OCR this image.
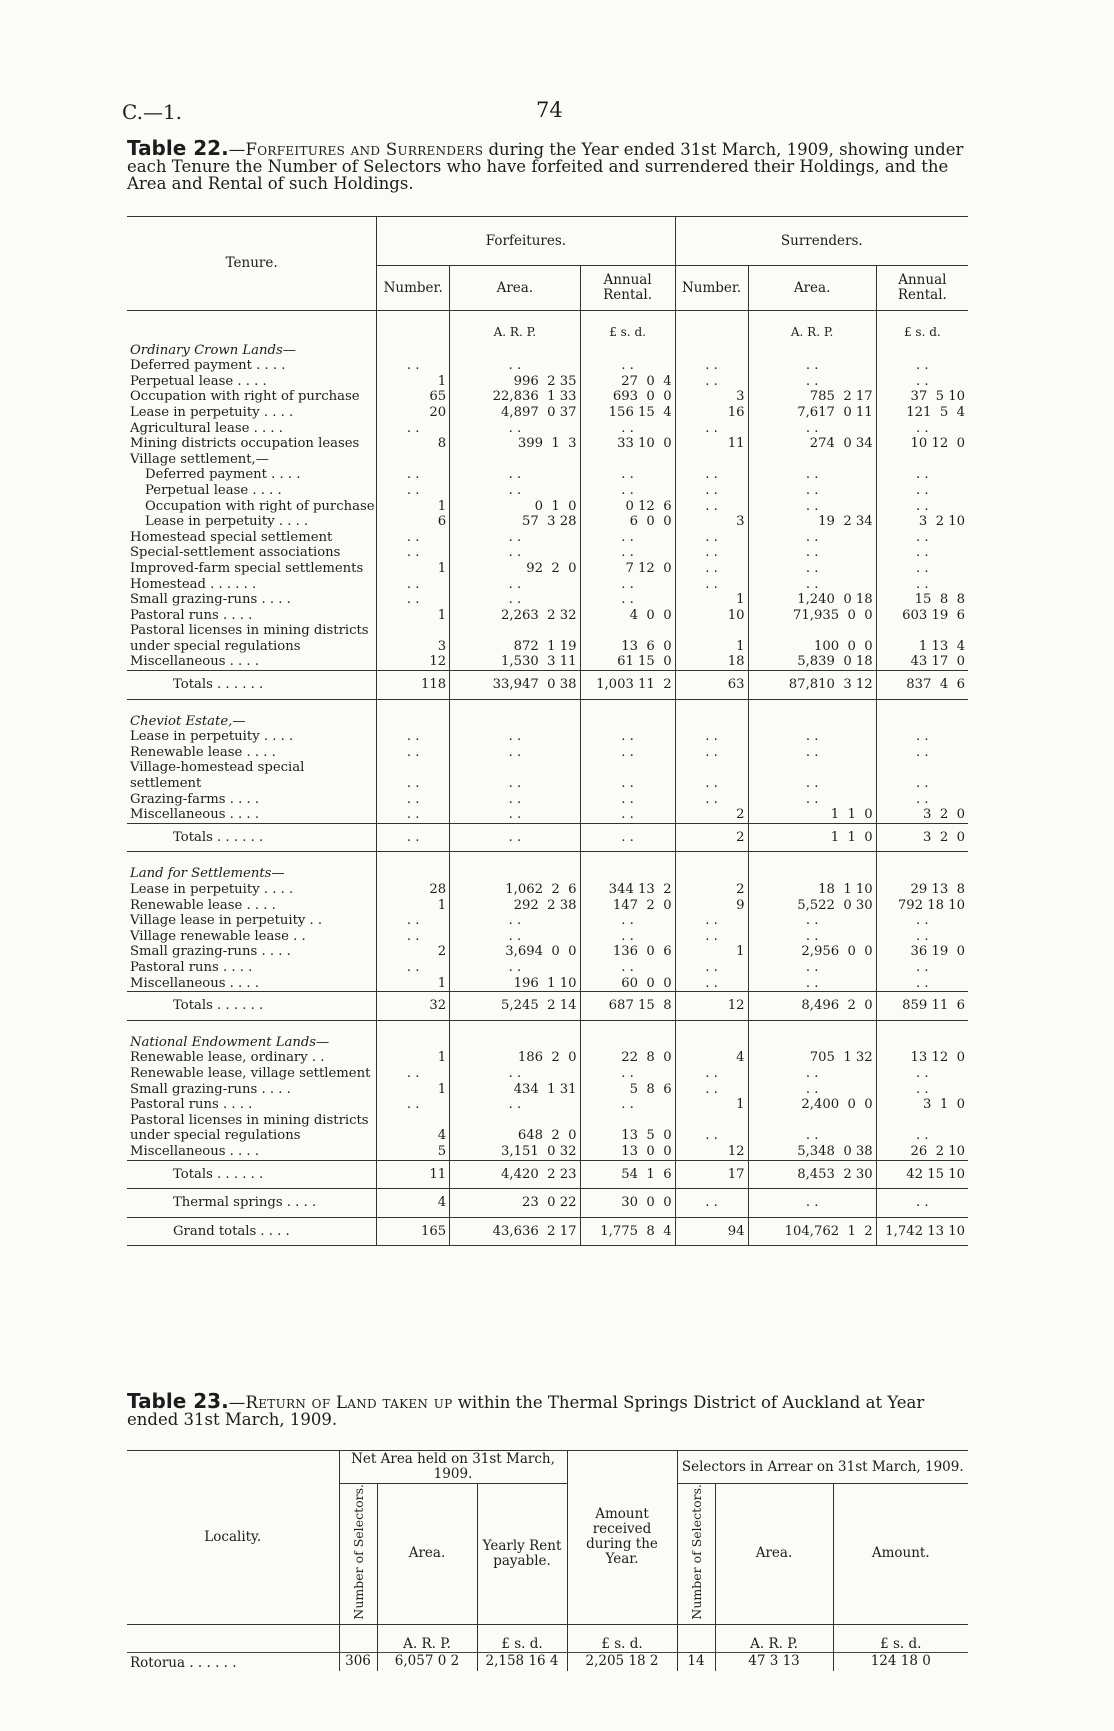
C.—1.	74
Table 22.—Forfeitures and Surrenders during the Year ended 31st March, 1909, showing under each Tenure the Number of Selectors who have forfeited and surrendered their Holdings, and the Area and Rental of such Holdings.
Tenure.	Forfeitures.			Surrenders.		
	Number.	Area.	Annual Rental.	Number.	Area.	Annual Rental.
		A. R. P.	£ s. d.		A. R. P.	£ s. d.
Ordinary Crown Lands—						
Deferred payment . . . .	. .	. .	. .	. .	. .	. .
Perpetual lease . . . .	1	996  2 35	27  0  4	. .	. .	. .
Occupation with right of purchase	65	22,836  1 33	693  0  0	3	785  2 17	37  5 10
Lease in perpetuity . . . .	20	4,897  0 37	156 15  4	16	7,617  0 11	121  5  4
Agricultural lease . . . .	. .	. .	. .	. .	. .	. .
Mining districts occupation leases	8	399  1  3	33 10  0	11	274  0 34	10 12  0
Village settlement,—						
Deferred payment . . . .	. .	. .	. .	. .	. .	. .
Perpetual lease . . . .	. .	. .	. .	. .	. .	. .
Occupation with right of purchase	1	0  1  0	0 12  6	. .	. .	. .
Lease in perpetuity . . . .	6	57  3 28	6  0  0	3	19  2 34	3  2 10
Homestead special settlement	. .	. .	. .	. .	. .	. .
Special-settlement associations	. .	. .	. .	. .	. .	. .
Improved-farm special settlements	1	92  2  0	7 12  0	. .	. .	. .
Homestead . . . . . .	. .	. .	. .	. .	. .	. .
Small grazing-runs . . . .	. .	. .	. .	1	1,240  0 18	15  8  8
Pastoral runs . . . .	1	2,263  2 32	4  0  0	10	71,935  0  0	603 19  6
Pastoral licenses in mining districts under special regulations	3	872  1 19	13  6  0	1	100  0  0	1 13  4
Miscellaneous . . . .	12	1,530  3 11	61 15  0	18	5,839  0 18	43 17  0
Totals . . . . . .	118	33,947  0 38	1,003 11  2	63	87,810  3 12	837  4  6

Cheviot Estate,—						
Lease in perpetuity . . . .	. .	. .	. .	. .	. .	. .
Renewable lease . . . .	. .	. .	. .	. .	. .	. .
Village-homestead special settlement	. .	. .	. .	. .	. .	. .
Grazing-farms . . . .	. .	. .	. .	. .	. .	. .
Miscellaneous . . . .	. .	. .	. .	2	1  1  0	3  2  0
Totals . . . . . .	. .	. .	. .	2	1  1  0	3  2  0

Land for Settlements—						
Lease in perpetuity . . . .	28	1,062  2  6	344 13  2	2	18  1 10	29 13  8
Renewable lease . . . .	1	292  2 38	147  2  0	9	5,522  0 30	792 18 10
Village lease in perpetuity . .	. .	. .	. .	. .	. .	. .
Village renewable lease . .	. .	. .	. .	. .	. .	. .
Small grazing-runs . . . .	2	3,694  0  0	136  0  6	1	2,956  0  0	36 19  0
Pastoral runs . . . .	. .	. .	. .	. .	. .	. .
Miscellaneous . . . .	1	196  1 10	60  0  0	. .	. .	. .
Totals . . . . . .	32	5,245  2 14	687 15  8	12	8,496  2  0	859 11  6

National Endowment Lands—						
Renewable lease, ordinary . .	1	186  2  0	22  8  0	4	705  1 32	13 12  0
Renewable lease, village settlement	. .	. .	. .	. .	. .	. .
Small grazing-runs . . . .	1	434  1 31	5  8  6	. .	. .	. .
Pastoral runs . . . .	. .	. .	. .	1	2,400  0  0	3  1  0
Pastoral licenses in mining districts under special regulations	4	648  2  0	13  5  0	. .	. .	. .
Miscellaneous . . . .	5	3,151  0 32	13  0  0	12	5,348  0 38	26  2 10
Totals . . . . . .	11	4,420  2 23	54  1  6	17	8,453  2 30	42 15 10
Thermal springs . . . .	4	23  0 22	30  0  0	. .	. .	. .
Grand totals . . . .	165	43,636  2 17	1,775  8  4	94	104,762  1  2	1,742 13 10
Table 23.—Return of Land taken up within the Thermal Springs District of Auckland at Year ended 31st March, 1909.
Locality.	Net Area held on 31st March, 1909.			Amount received during the Year.	Selectors in Arrear on 31st March, 1909.		
	Number of Selectors.	Area.	Yearly Rent payable.		Number of Selectors.	Area.	Amount.
		A. R. P.	£ s. d.	£ s. d.		A. R. P.	£ s. d.
Rotorua . . . . . .	306	6,057 0 2	2,158 16 4	2,205 18 2	14	47 3 13	124 18 0
